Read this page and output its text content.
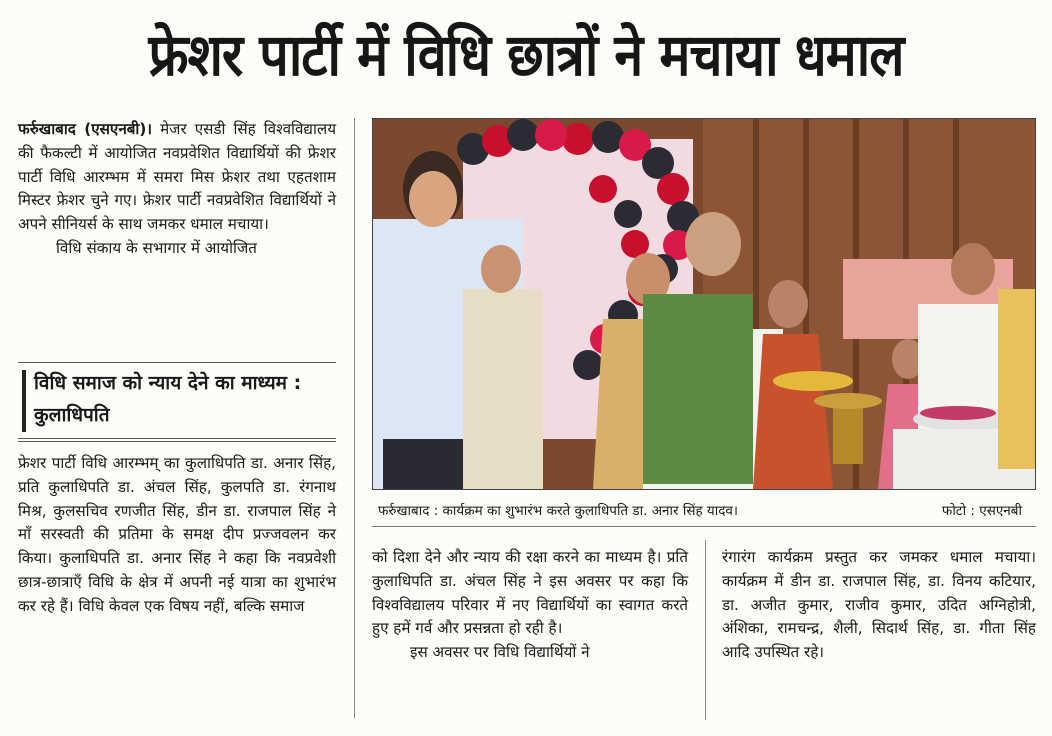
फ्रेशर पार्टी में विधि छात्रों ने मचाया धमाल

फर्रुखाबाद (एसएनबी)। मेजर एसडी सिंह विश्वविद्यालय की फैकल्टी में आयोजित नवप्रवेशित विद्यार्थियों की फ्रेशर पार्टी विधि आरम्भम में समरा मिस फ्रेशर तथा एहतशाम मिस्टर फ्रेशर चुने गए। फ्रेशर पार्टी नवप्रवेशित विद्यार्थियों ने अपने सीनियर्स के साथ जमकर धमाल मचाया।

विधि संकाय के सभागार में आयोजित

विधि समाज को न्याय देने का माध्यम : कुलाधिपति

फ्रेशर पार्टी विधि आरम्भम् का कुलाधिपति डा. अनार सिंह, प्रति कुलाधिपति डा. अंचल सिंह, कुलपति डा. रंगनाथ मिश्र, कुलसचिव रणजीत सिंह, डीन डा. राजपाल सिंह ने माँ सरस्वती की प्रतिमा के समक्ष दीप प्रज्जवलन कर किया। कुलाधिपति डा. अनार सिंह ने कहा कि नवप्रवेशी छात्र-छात्राएँ विधि के क्षेत्र में अपनी नई यात्रा का शुभारंभ कर रहे हैं। विधि केवल एक विषय नहीं, बल्कि समाज

फर्रुखाबाद : कार्यक्रम का शुभारंभ करते कुलाधिपति डा. अनार सिंह यादव।	फोटो : एसएनबी

को दिशा देने और न्याय की रक्षा करने का माध्यम है। प्रति कुलाधिपति डा. अंचल सिंह ने इस अवसर पर कहा कि विश्वविद्यालय परिवार में नए विद्यार्थियों का स्वागत करते हुए हमें गर्व और प्रसन्नता हो रही है।

इस अवसर पर विधि विद्यार्थियों ने

रंगारंग कार्यक्रम प्रस्तुत कर जमकर धमाल मचाया। कार्यक्रम में डीन डा. राजपाल सिंह, डा. विनय कटियार, डा. अजीत कुमार, राजीव कुमार, उदित अग्निहोत्री, अंशिका, रामचन्द्र, शैली, सिदार्थ सिंह, डा. गीता सिंह आदि उपस्थित रहे।
